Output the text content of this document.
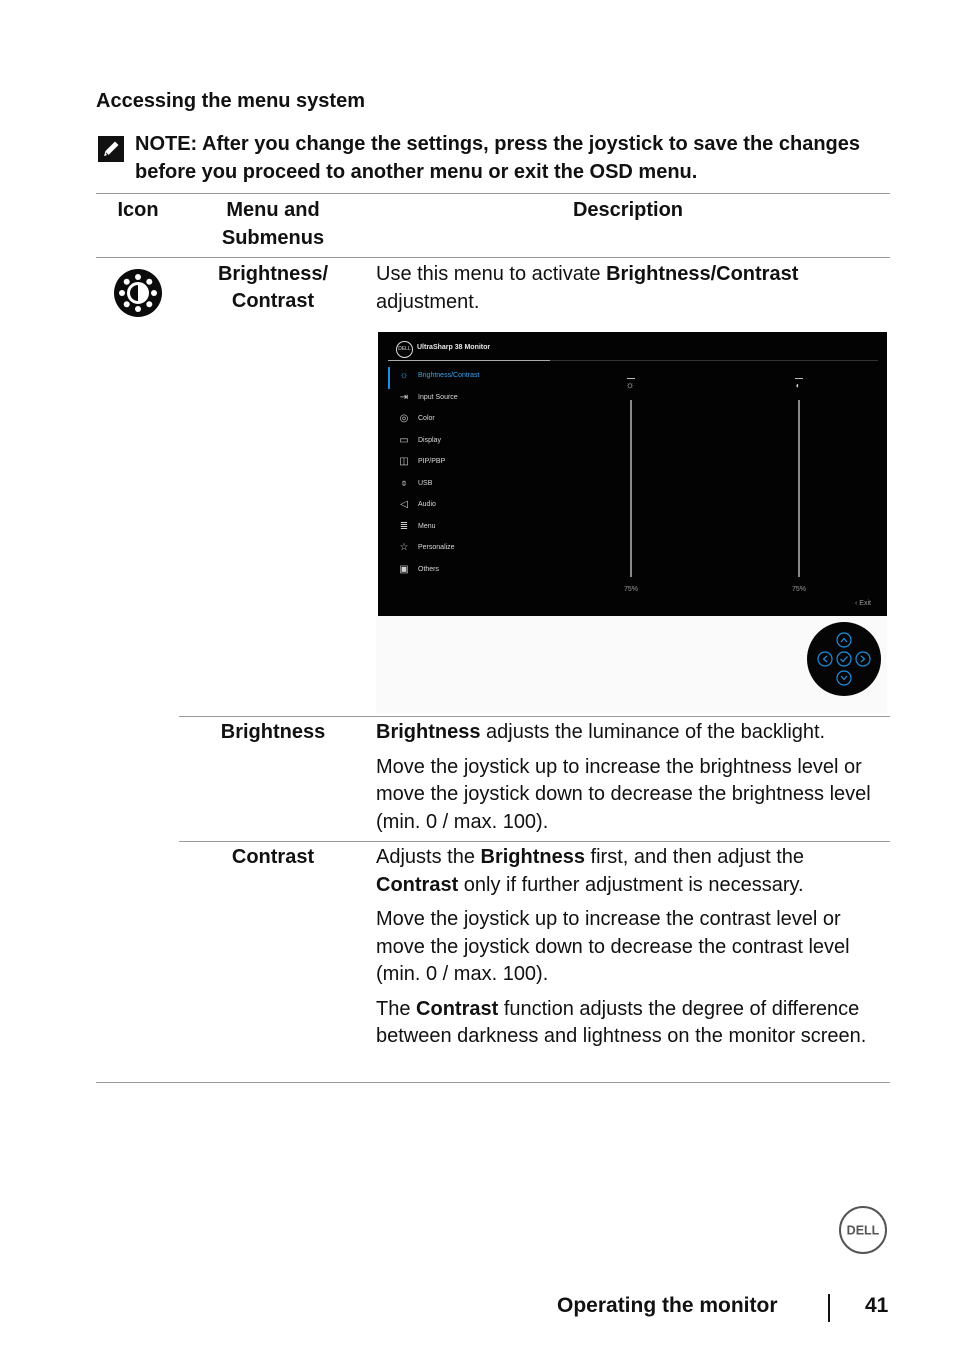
Accessing the menu system
NOTE: After you change the settings, press the joystick to save the changes before you proceed to another menu or exit the OSD menu.
Icon	Menu and Submenus
Description
Brightness/ Contrast

Use this menu to activate Brightness/Contrast adjustment.

DELL UltraSharp 38 Monitor
☼ Brightness/Contrast
⇥ Input Source
◎ Color
▭ Display
◫ PIP/PBP
⌽	USB
◁	Audio
≣ Menu
☆ Personalize
▣ Others
☼
75%
◐
75%
‹ Exit
Brightness	Brightness adjusts the luminance of the backlight.

Move the joystick up to increase the brightness level or move the joystick down to decrease the brightness level (min. 0 / max. 100).

Contrast	Adjusts the Brightness first, and then adjust the Contrast only if further adjustment is necessary.

Move the joystick up to increase the contrast level or move the joystick down to decrease the contrast level (min. 0 / max. 100).

The Contrast function adjusts the degree of difference between darkness and lightness on the monitor screen.

DELL
Operating the monitor	41
